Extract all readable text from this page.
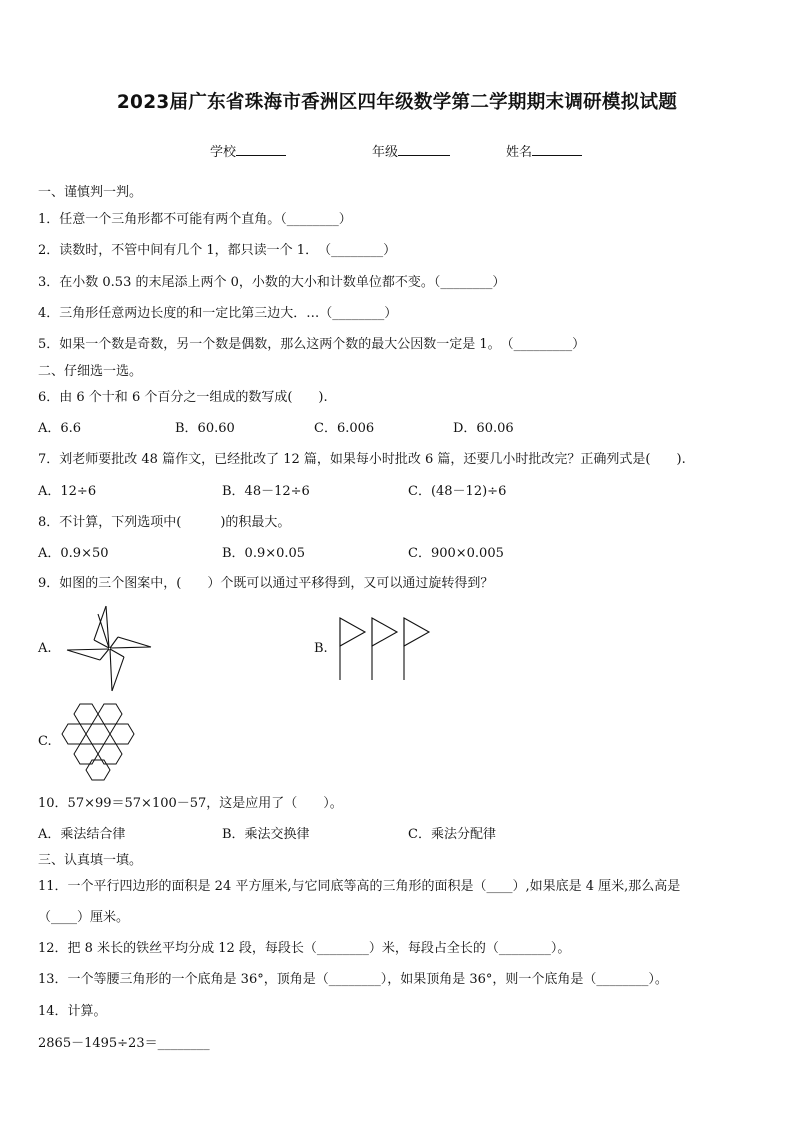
2023届广东省珠海市香洲区四年级数学第二学期期末调研模拟试题
学校	年级	姓名
一、谨慎判一判。
1．任意一个三角形都不可能有两个直角。（________）
2．读数时，不管中间有几个 1，都只读一个 1．　（________）
3．在小数 0.53 的末尾添上两个 0，小数的大小和计数单位都不变。（________）
4．三角形任意两边长度的和一定比第三边大．…（________）
5．如果一个数是奇数，另一个数是偶数，那么这两个数的最大公因数一定是 1。　（_________）
二、仔细选一选。
6．由 6 个十和 6 个百分之一组成的数写成(　　).
A．6.6	B．60.60	C．6.006	D．60.06
7．刘老师要批改 48 篇作文，已经批改了 12 篇，如果每小时批改 6 篇，还要几小时批改完？正确列式是(　　).
A．12÷6	B．48－12÷6	C．(48－12)÷6
8．不计算，下列选项中(　　　)的积最大。
A．0.9×50	B．0.9×0.05	C．900×0.005
9．如图的三个图案中，(　　）个既可以通过平移得到，又可以通过旋转得到？
A.	B.
C.
10．57×99＝57×100－57，这是应用了（　　）。
A．乘法结合律	B．乘法交换律	C．乘法分配律
三、认真填一填。
11．一个平行四边形的面积是 24 平方厘米,与它同底等高的三角形的面积是（____）,如果底是 4 厘米,那么高是
（____）厘米。
12．把 8 米长的铁丝平均分成 12 段，每段长（________）米，每段占全长的（________）。
13．一个等腰三角形的一个底角是 36°，顶角是（________），如果顶角是 36°，则一个底角是（________）。
14．计算。
2865－1495÷23＝________
